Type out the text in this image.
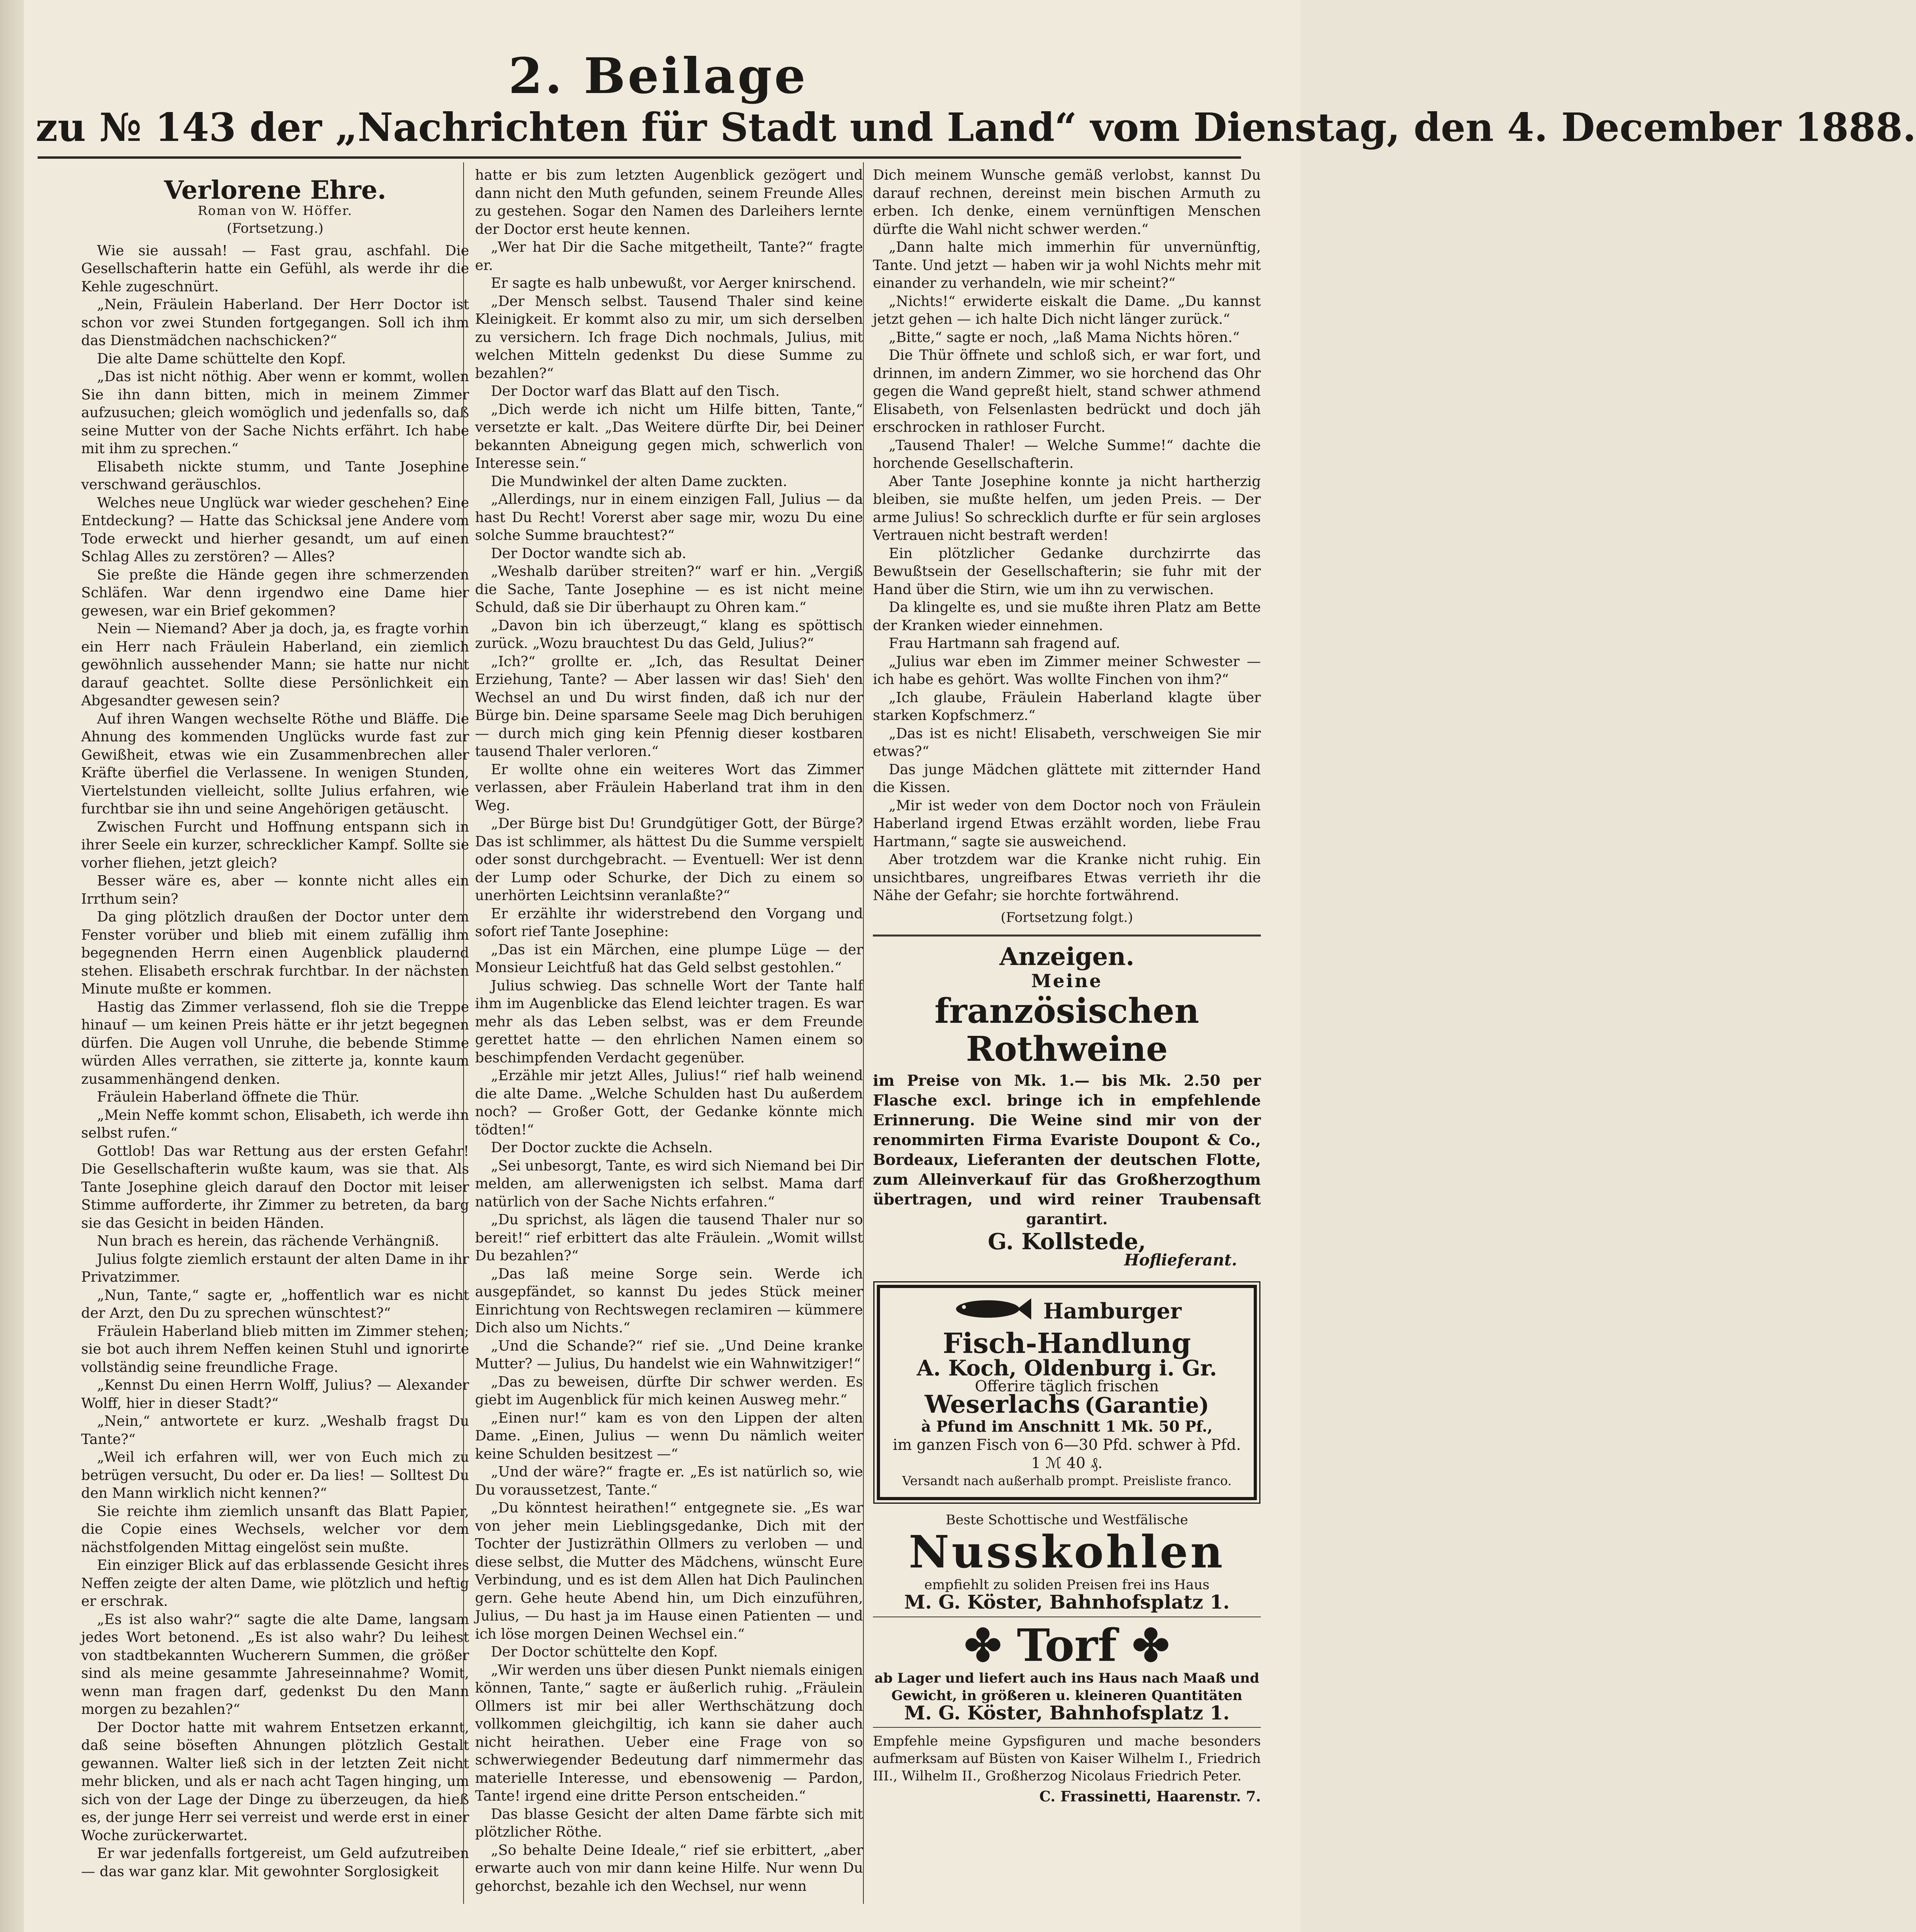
2. Beilage
zu № 143 der „Nachrichten für Stadt und Land“ vom Dienstag, den 4. December 1888.
Verlorene Ehre.
Roman von W. Höffer.
(Fortsetzung.)

Wie sie aussah! — Fast grau, aschfahl. Die Gesellschafterin hatte ein Gefühl, als werde ihr die Kehle zugeschnürt.

„Nein, Fräulein Haberland. Der Herr Doctor ist schon vor zwei Stunden fortgegangen. Soll ich ihm das Dienstmädchen nachschicken?“

Die alte Dame schüttelte den Kopf.

„Das ist nicht nöthig. Aber wenn er kommt, wollen Sie ihn dann bitten, mich in meinem Zimmer aufzusuchen; gleich womöglich und jedenfalls so, daß seine Mutter von der Sache Nichts erfährt. Ich habe mit ihm zu sprechen.“

Elisabeth nickte stumm, und Tante Josephine verschwand geräuschlos.

Welches neue Unglück war wieder geschehen? Eine Entdeckung? — Hatte das Schicksal jene Andere vom Tode erweckt und hierher gesandt, um auf einen Schlag Alles zu zerstören? — Alles?

Sie preßte die Hände gegen ihre schmerzenden Schläfen. War denn irgendwo eine Dame hier gewesen, war ein Brief gekommen?

Nein — Niemand? Aber ja doch, ja, es fragte vorhin ein Herr nach Fräulein Haberland, ein ziemlich gewöhnlich aussehender Mann; sie hatte nur nicht darauf geachtet. Sollte diese Persönlichkeit ein Abgesandter gewesen sein?

Auf ihren Wangen wechselte Röthe und Bläffe. Die Ahnung des kommenden Unglücks wurde fast zur Gewißheit, etwas wie ein Zusammenbrechen aller Kräfte überfiel die Verlassene. In wenigen Stunden, Viertelstunden vielleicht, sollte Julius erfahren, wie furchtbar sie ihn und seine Angehörigen getäuscht.

Zwischen Furcht und Hoffnung entspann sich in ihrer Seele ein kurzer, schrecklicher Kampf. Sollte sie vorher fliehen, jetzt gleich?

Besser wäre es, aber — konnte nicht alles ein Irrthum sein?

Da ging plötzlich draußen der Doctor unter dem Fenster vorüber und blieb mit einem zufällig ihm begegnenden Herrn einen Augenblick plaudernd stehen. Elisabeth erschrak furchtbar. In der nächsten Minute mußte er kommen.

Hastig das Zimmer verlassend, floh sie die Treppe hinauf — um keinen Preis hätte er ihr jetzt begegnen dürfen. Die Augen voll Unruhe, die bebende Stimme würden Alles verrathen, sie zitterte ja, konnte kaum zusammenhängend denken.

Fräulein Haberland öffnete die Thür.

„Mein Neffe kommt schon, Elisabeth, ich werde ihn selbst rufen.“

Gottlob! Das war Rettung aus der ersten Gefahr! Die Gesellschafterin wußte kaum, was sie that. Als Tante Josephine gleich darauf den Doctor mit leiser Stimme aufforderte, ihr Zimmer zu betreten, da barg sie das Gesicht in beiden Händen.

Nun brach es herein, das rächende Verhängniß.

Julius folgte ziemlich erstaunt der alten Dame in ihr Privatzimmer.

„Nun, Tante,“ sagte er, „hoffentlich war es nicht der Arzt, den Du zu sprechen wünschtest?“

Fräulein Haberland blieb mitten im Zimmer stehen; sie bot auch ihrem Neffen keinen Stuhl und ignorirte vollständig seine freundliche Frage.

„Kennst Du einen Herrn Wolff, Julius? — Alexander Wolff, hier in dieser Stadt?“

„Nein,“ antwortete er kurz. „Weshalb fragst Du Tante?“

„Weil ich erfahren will, wer von Euch mich zu betrügen versucht, Du oder er. Da lies! — Solltest Du den Mann wirklich nicht kennen?“

Sie reichte ihm ziemlich unsanft das Blatt Papier, die Copie eines Wechsels, welcher vor dem nächstfolgenden Mittag eingelöst sein mußte.

Ein einziger Blick auf das erblassende Gesicht ihres Neffen zeigte der alten Dame, wie plötzlich und heftig er erschrak.

„Es ist also wahr?“ sagte die alte Dame, langsam jedes Wort betonend. „Es ist also wahr? Du leihest von stadtbekannten Wucherern Summen, die größer sind als meine gesammte Jahreseinnahme? Womit, wenn man fragen darf, gedenkst Du den Mann morgen zu bezahlen?“

Der Doctor hatte mit wahrem Entsetzen erkannt, daß seine böseften Ahnungen plötzlich Gestalt gewannen. Walter ließ sich in der letzten Zeit nicht mehr blicken, und als er nach acht Tagen hinging, um sich von der Lage der Dinge zu überzeugen, da hieß es, der junge Herr sei verreist und werde erst in einer Woche zurückerwartet.

Er war jedenfalls fortgereist, um Geld aufzutreiben — das war ganz klar. Mit gewohnter Sorglosigkeit

hatte er bis zum letzten Augenblick gezögert und dann nicht den Muth gefunden, seinem Freunde Alles zu gestehen. Sogar den Namen des Darleihers lernte der Doctor erst heute kennen.

„Wer hat Dir die Sache mitgetheilt, Tante?“ fragte er.

Er sagte es halb unbewußt, vor Aerger knirschend.

„Der Mensch selbst. Tausend Thaler sind keine Kleinigkeit. Er kommt also zu mir, um sich derselben zu versichern. Ich frage Dich nochmals, Julius, mit welchen Mitteln gedenkst Du diese Summe zu bezahlen?“

Der Doctor warf das Blatt auf den Tisch.

„Dich werde ich nicht um Hilfe bitten, Tante,“ versetzte er kalt. „Das Weitere dürfte Dir, bei Deiner bekannten Abneigung gegen mich, schwerlich von Interesse sein.“

Die Mundwinkel der alten Dame zuckten.

„Allerdings, nur in einem einzigen Fall, Julius — da hast Du Recht! Vorerst aber sage mir, wozu Du eine solche Summe brauchtest?“

Der Doctor wandte sich ab.

„Weshalb darüber streiten?“ warf er hin. „Vergiß die Sache, Tante Josephine — es ist nicht meine Schuld, daß sie Dir überhaupt zu Ohren kam.“

„Davon bin ich überzeugt,“ klang es spöttisch zurück. „Wozu brauchtest Du das Geld, Julius?“

„Ich?“ grollte er. „Ich, das Resultat Deiner Erziehung, Tante? — Aber lassen wir das! Sieh' den Wechsel an und Du wirst finden, daß ich nur der Bürge bin. Deine sparsame Seele mag Dich beruhigen — durch mich ging kein Pfennig dieser kostbaren tausend Thaler verloren.“

Er wollte ohne ein weiteres Wort das Zimmer verlassen, aber Fräulein Haberland trat ihm in den Weg.

„Der Bürge bist Du! Grundgütiger Gott, der Bürge? Das ist schlimmer, als hättest Du die Summe verspielt oder sonst durchgebracht. — Eventuell: Wer ist denn der Lump oder Schurke, der Dich zu einem so unerhörten Leichtsinn veranlaßte?“

Er erzählte ihr widerstrebend den Vorgang und sofort rief Tante Josephine:

„Das ist ein Märchen, eine plumpe Lüge — der Monsieur Leichtfuß hat das Geld selbst gestohlen.“

Julius schwieg. Das schnelle Wort der Tante half ihm im Augenblicke das Elend leichter tragen. Es war mehr als das Leben selbst, was er dem Freunde gerettet hatte — den ehrlichen Namen einem so beschimpfenden Verdacht gegenüber.

„Erzähle mir jetzt Alles, Julius!“ rief halb weinend die alte Dame. „Welche Schulden hast Du außerdem noch? — Großer Gott, der Gedanke könnte mich tödten!“

Der Doctor zuckte die Achseln.

„Sei unbesorgt, Tante, es wird sich Niemand bei Dir melden, am allerwenigsten ich selbst. Mama darf natürlich von der Sache Nichts erfahren.“

„Du sprichst, als lägen die tausend Thaler nur so bereit!“ rief erbittert das alte Fräulein. „Womit willst Du bezahlen?“

„Das laß meine Sorge sein. Werde ich ausgepfändet, so kannst Du jedes Stück meiner Einrichtung von Rechtswegen reclamiren — kümmere Dich also um Nichts.“

„Und die Schande?“ rief sie. „Und Deine kranke Mutter? — Julius, Du handelst wie ein Wahnwitziger!“

„Das zu beweisen, dürfte Dir schwer werden. Es giebt im Augenblick für mich keinen Ausweg mehr.“

„Einen nur!“ kam es von den Lippen der alten Dame. „Einen, Julius — wenn Du nämlich weiter keine Schulden besitzest —“

„Und der wäre?“ fragte er. „Es ist natürlich so, wie Du voraussetzest, Tante.“

„Du könntest heirathen!“ entgegnete sie. „Es war von jeher mein Lieblingsgedanke, Dich mit der Tochter der Justizräthin Ollmers zu verloben — und diese selbst, die Mutter des Mädchens, wünscht Eure Verbindung, und es ist dem Allen hat Dich Paulinchen gern. Gehe heute Abend hin, um Dich einzuführen, Julius, — Du hast ja im Hause einen Patienten — und ich löse morgen Deinen Wechsel ein.“

Der Doctor schüttelte den Kopf.

„Wir werden uns über diesen Punkt niemals einigen können, Tante,“ sagte er äußerlich ruhig. „Fräulein Ollmers ist mir bei aller Werthschätzung doch vollkommen gleichgiltig, ich kann sie daher auch nicht heirathen. Ueber eine Frage von so schwerwiegender Bedeutung darf nimmermehr das materielle Interesse, und ebensowenig — Pardon, Tante! irgend eine dritte Person entscheiden.“

Das blasse Gesicht der alten Dame färbte sich mit plötzlicher Röthe.

„So behalte Deine Ideale,“ rief sie erbittert, „aber erwarte auch von mir dann keine Hilfe. Nur wenn Du gehorchst, bezahle ich den Wechsel, nur wenn

Dich meinem Wunsche gemäß verlobst, kannst Du darauf rechnen, dereinst mein bischen Armuth zu erben. Ich denke, einem vernünftigen Menschen dürfte die Wahl nicht schwer werden.“

„Dann halte mich immerhin für unvernünftig, Tante. Und jetzt — haben wir ja wohl Nichts mehr mit einander zu verhandeln, wie mir scheint?“

„Nichts!“ erwiderte eiskalt die Dame. „Du kannst jetzt gehen — ich halte Dich nicht länger zurück.“

„Bitte,“ sagte er noch, „laß Mama Nichts hören.“

Die Thür öffnete und schloß sich, er war fort, und drinnen, im andern Zimmer, wo sie horchend das Ohr gegen die Wand gepreßt hielt, stand schwer athmend Elisabeth, von Felsenlasten bedrückt und doch jäh erschrocken in rathloser Furcht.

„Tausend Thaler! — Welche Summe!“ dachte die horchende Gesellschafterin.

Aber Tante Josephine konnte ja nicht hartherzig bleiben, sie mußte helfen, um jeden Preis. — Der arme Julius! So schrecklich durfte er für sein argloses Vertrauen nicht bestraft werden!

Ein plötzlicher Gedanke durchzirrte das Bewußtsein der Gesellschafterin; sie fuhr mit der Hand über die Stirn, wie um ihn zu verwischen.

Da klingelte es, und sie mußte ihren Platz am Bette der Kranken wieder einnehmen.

Frau Hartmann sah fragend auf.

„Julius war eben im Zimmer meiner Schwester — ich habe es gehört. Was wollte Finchen von ihm?“

„Ich glaube, Fräulein Haberland klagte über starken Kopfschmerz.“

„Das ist es nicht! Elisabeth, verschweigen Sie mir etwas?“

Das junge Mädchen glättete mit zitternder Hand die Kissen.

„Mir ist weder von dem Doctor noch von Fräulein Haberland irgend Etwas erzählt worden, liebe Frau Hartmann,“ sagte sie ausweichend.

Aber trotzdem war die Kranke nicht ruhig. Ein unsichtbares, ungreifbares Etwas verrieth ihr die Nähe der Gefahr; sie horchte fortwährend.

(Fortsetzung folgt.)
Anzeigen.
Meine
französischen Rothweine
im Preise von Mk. 1.— bis Mk. 2.50 per Flasche excl. bringe ich in empfehlende Erinnerung. Die Weine sind mir von der renommirten Firma Evariste Doupont & Co., Bordeaux, Lieferanten der deutschen Flotte, zum Alleinverkauf für das Großherzogthum übertragen, und wird reiner Traubensaft garantirt.
G. Kollstede,
Hoflieferant.
Hamburger
Fisch-Handlung
A. Koch, Oldenburg i. Gr.
Offerire täglich frischen
Weserlachs (Garantie)
à Pfund im Anschnitt 1 Mk. 50 Pf.,
im ganzen Fisch von 6—30 Pfd. schwer à Pfd.
1 ℳ 40 ₰.
Versandt nach außerhalb prompt. Preisliste franco.
Beste Schottische und Westfälische
Nusskohlen
empfiehlt zu soliden Preisen frei ins Haus
M. G. Köster, Bahnhofsplatz 1.
✤ Torf ✤
ab Lager und liefert auch ins Haus nach Maaß und Gewicht, in größeren u. kleineren Quantitäten
M. G. Köster, Bahnhofsplatz 1.
Empfehle meine Gypsfiguren und mache besonders aufmerksam auf Büsten von Kaiser Wilhelm I., Friedrich III., Wilhelm II., Großherzog Nicolaus Friedrich Peter.
C. Frassinetti, Haarenstr. 7.
